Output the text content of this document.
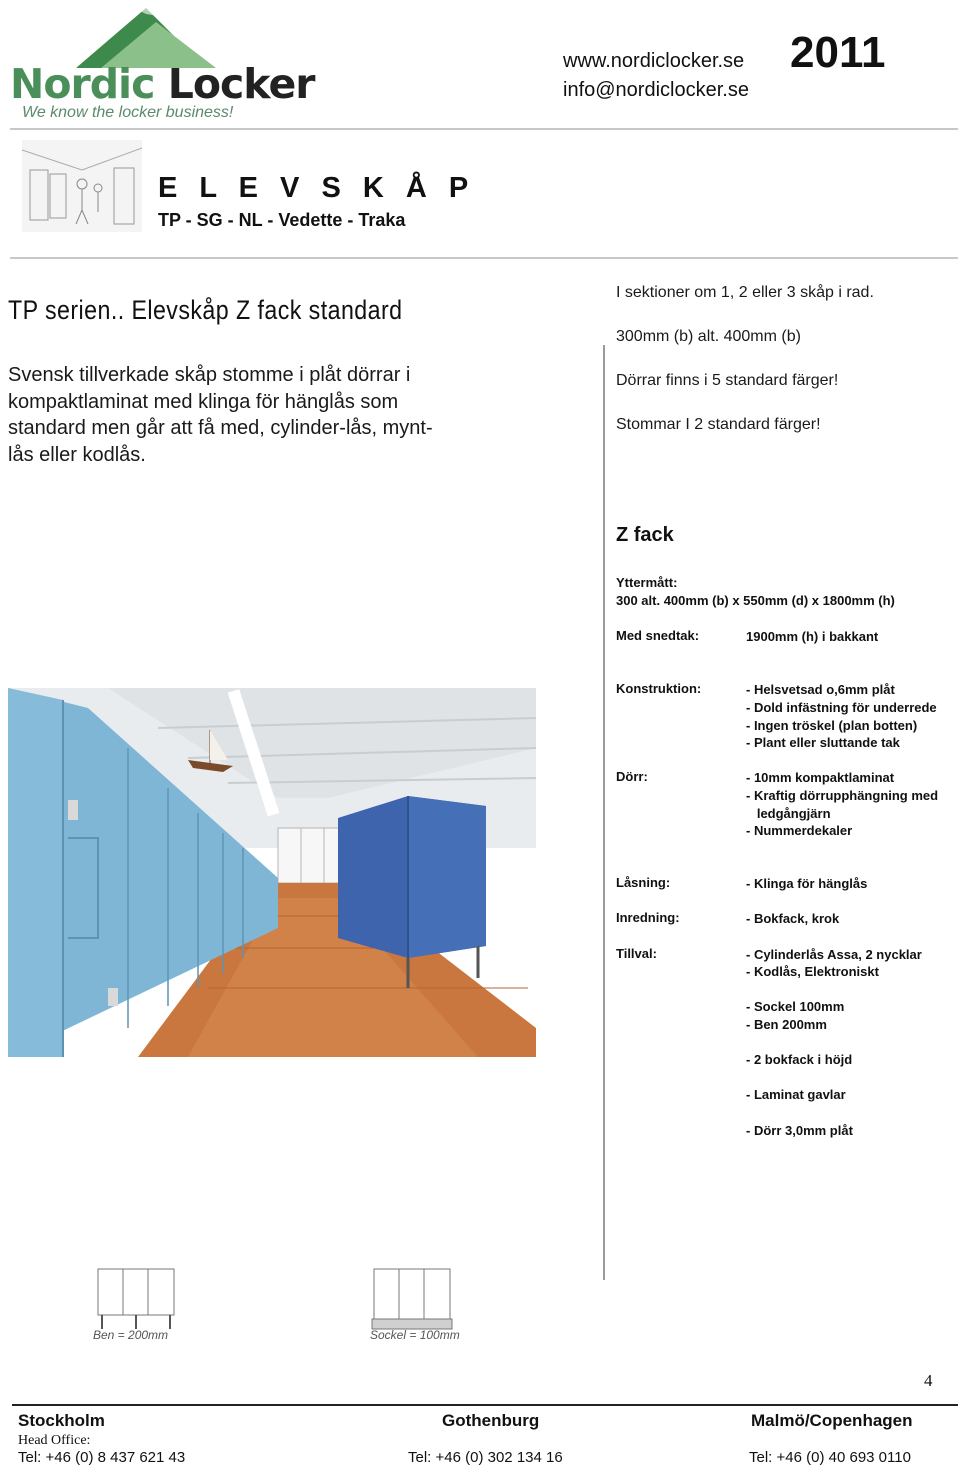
Nordic Locker
We know the locker business!
www.nordiclocker.se
info@nordiclocker.se
2011
E L E V S K Å P
TP - SG - NL - Vedette - Traka
TP serien.. Elevskåp Z fack standard
Svensk tillverkade skåp stomme i plåt dörrar i kompaktlaminat med klinga för hänglås som standard men går att få med, cylinder-lås, mynt-lås eller kodlås.
I sektioner om 1, 2 eller 3 skåp i rad.
300mm (b) alt. 400mm (b)
Dörrar finns i 5 standard färger!
Stommar I 2 standard färger!
Z fack
Yttermått:
300 alt. 400mm (b) x 550mm (d) x 1800mm (h)
Med snedtak:	1900mm (h) i bakkant
Konstruktion:	- Helsvetsad o,6mm plåt
- Dold infästning för underrede
- Ingen tröskel (plan botten)
- Plant eller sluttande tak
Dörr:	- 10mm kompaktlaminat
- Kraftig dörrupphängning med
ledgångjärn
- Nummerdekaler
Låsning:	- Klinga för hänglås
Inredning:	- Bokfack, krok
Tillval:	- Cylinderlås Assa, 2 nycklar
- Kodlås, Elektroniskt
- Sockel 100mm
- Ben 200mm
- 2 bokfack i höjd
- Laminat gavlar
- Dörr 3,0mm plåt
Ben = 200mm	Sockel = 100mm
4
Stockholm	Gothenburg	Malmö/Copenhagen
Head Office:
Tel: +46 (0) 8 437 621 43	Tel: +46 (0) 302 134 16	Tel: +46 (0) 40 693 0110
